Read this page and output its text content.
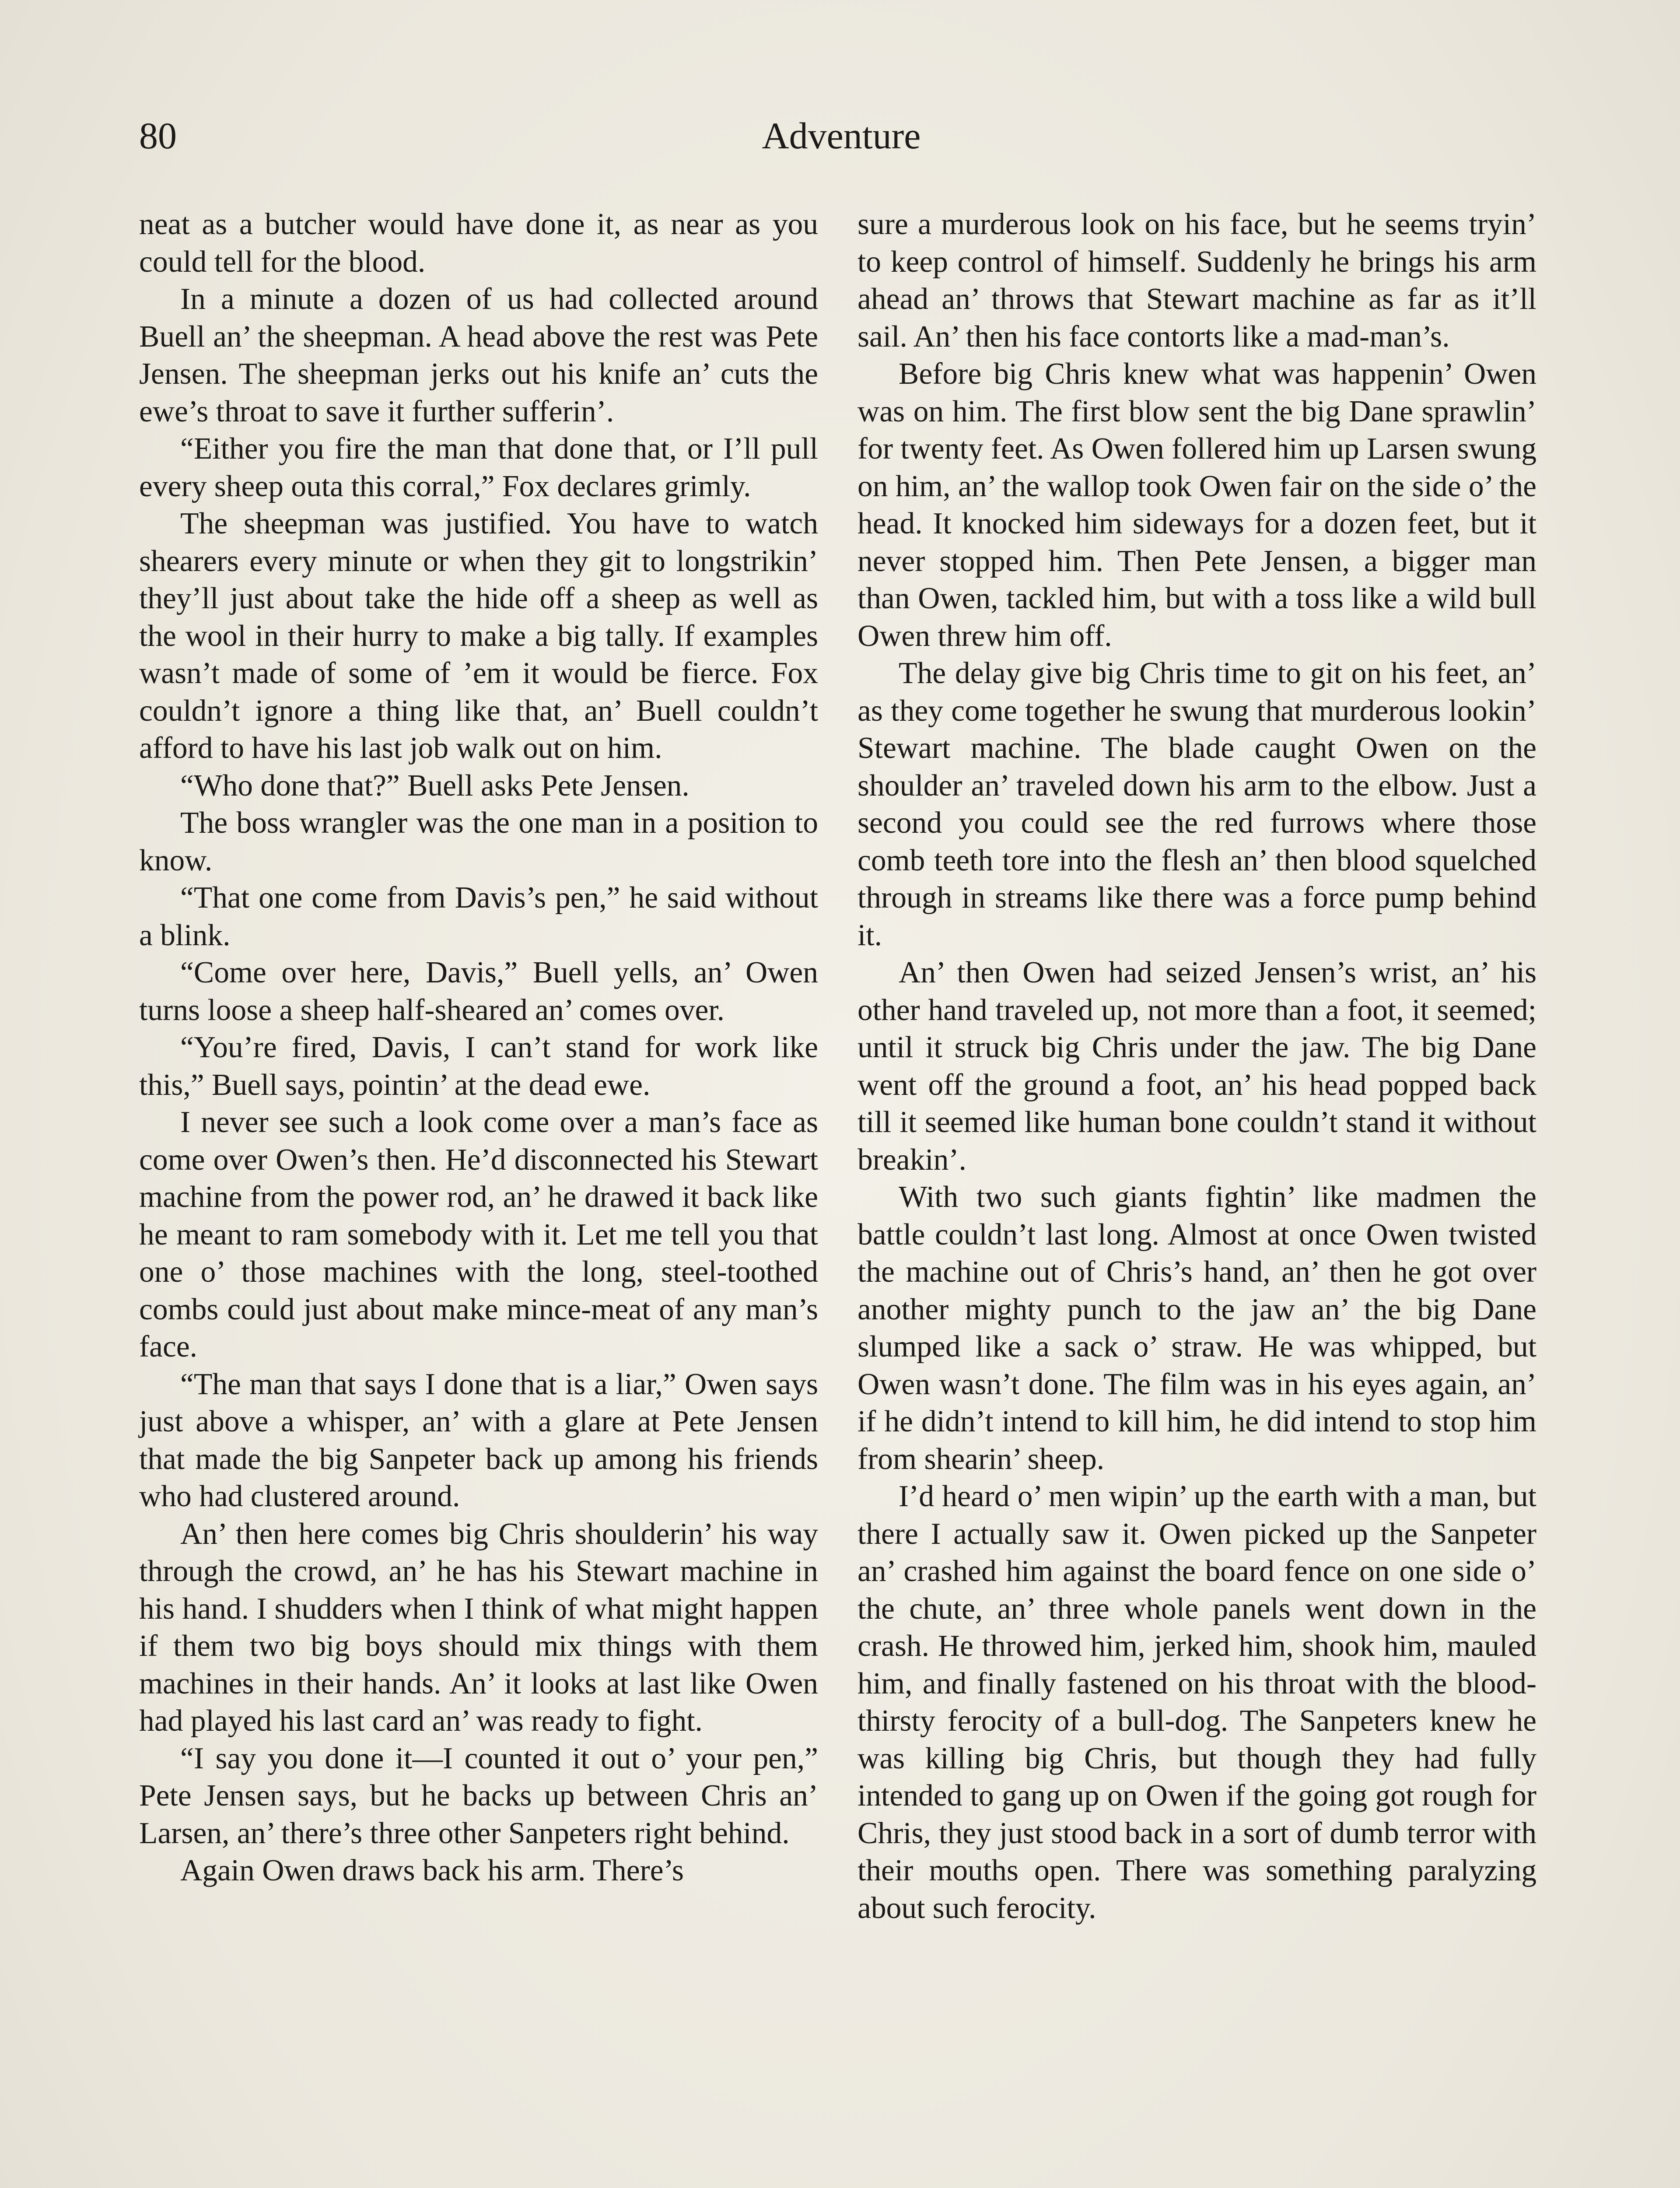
80	Adventure

neat as a butcher would have done it, as near as you could tell for the blood.

In a minute a dozen of us had collected around Buell an’ the sheepman. A head above the rest was Pete Jensen. The sheepman jerks out his knife an’ cuts the ewe’s throat to save it further sufferin’.

“Either you fire the man that done that, or I’ll pull every sheep outa this corral,” Fox declares grimly.

The sheepman was justified. You have to watch shearers every minute or when they git to longstrikin’ they’ll just about take the hide off a sheep as well as the wool in their hurry to make a big tally. If examples wasn’t made of some of ’em it would be fierce. Fox couldn’t ignore a thing like that, an’ Buell couldn’t afford to have his last job walk out on him.

“Who done that?” Buell asks Pete Jensen.

The boss wrangler was the one man in a position to know.

“That one come from Davis’s pen,” he said without a blink.

“Come over here, Davis,” Buell yells, an’ Owen turns loose a sheep half-sheared an’ comes over.

“You’re fired, Davis, I can’t stand for work like this,” Buell says, pointin’ at the dead ewe.

I never see such a look come over a man’s face as come over Owen’s then. He’d disconnected his Stewart machine from the power rod, an’ he drawed it back like he meant to ram somebody with it. Let me tell you that one o’ those machines with the long, steel-toothed combs could just about make mince-meat of any man’s face.

“The man that says I done that is a liar,” Owen says just above a whisper, an’ with a glare at Pete Jensen that made the big Sanpeter back up among his friends who had clustered around.

An’ then here comes big Chris shoulderin’ his way through the crowd, an’ he has his Stewart machine in his hand. I shudders when I think of what might happen if them two big boys should mix things with them machines in their hands. An’ it looks at last like Owen had played his last card an’ was ready to fight.

“I say you done it—I counted it out o’ your pen,” Pete Jensen says, but he backs up between Chris an’ Larsen, an’ there’s three other Sanpeters right behind.

Again Owen draws back his arm. There’s

sure a murderous look on his face, but he seems tryin’ to keep control of himself. Suddenly he brings his arm ahead an’ throws that Stewart machine as far as it’ll sail. An’ then his face contorts like a mad-man’s.

Before big Chris knew what was happenin’ Owen was on him. The first blow sent the big Dane sprawlin’ for twenty feet. As Owen follered him up Larsen swung on him, an’ the wallop took Owen fair on the side o’ the head. It knocked him sideways for a dozen feet, but it never stopped him. Then Pete Jensen, a bigger man than Owen, tackled him, but with a toss like a wild bull Owen threw him off.

The delay give big Chris time to git on his feet, an’ as they come together he swung that murderous lookin’ Stewart machine. The blade caught Owen on the shoulder an’ traveled down his arm to the elbow. Just a second you could see the red furrows where those comb teeth tore into the flesh an’ then blood squelched through in streams like there was a force pump behind it.

An’ then Owen had seized Jensen’s wrist, an’ his other hand traveled up, not more than a foot, it seemed; until it struck big Chris under the jaw. The big Dane went off the ground a foot, an’ his head popped back till it seemed like human bone couldn’t stand it without breakin’.

With two such giants fightin’ like madmen the battle couldn’t last long. Almost at once Owen twisted the machine out of Chris’s hand, an’ then he got over another mighty punch to the jaw an’ the big Dane slumped like a sack o’ straw. He was whipped, but Owen wasn’t done. The film was in his eyes again, an’ if he didn’t intend to kill him, he did intend to stop him from shearin’ sheep.

I’d heard o’ men wipin’ up the earth with a man, but there I actually saw it. Owen picked up the Sanpeter an’ crashed him against the board fence on one side o’ the chute, an’ three whole panels went down in the crash. He throwed him, jerked him, shook him, mauled him, and finally fastened on his throat with the blood-thirsty ferocity of a bull-dog. The Sanpeters knew he was killing big Chris, but though they had fully intended to gang up on Owen if the going got rough for Chris, they just stood back in a sort of dumb terror with their mouths open. There was something paralyzing about such ferocity.
